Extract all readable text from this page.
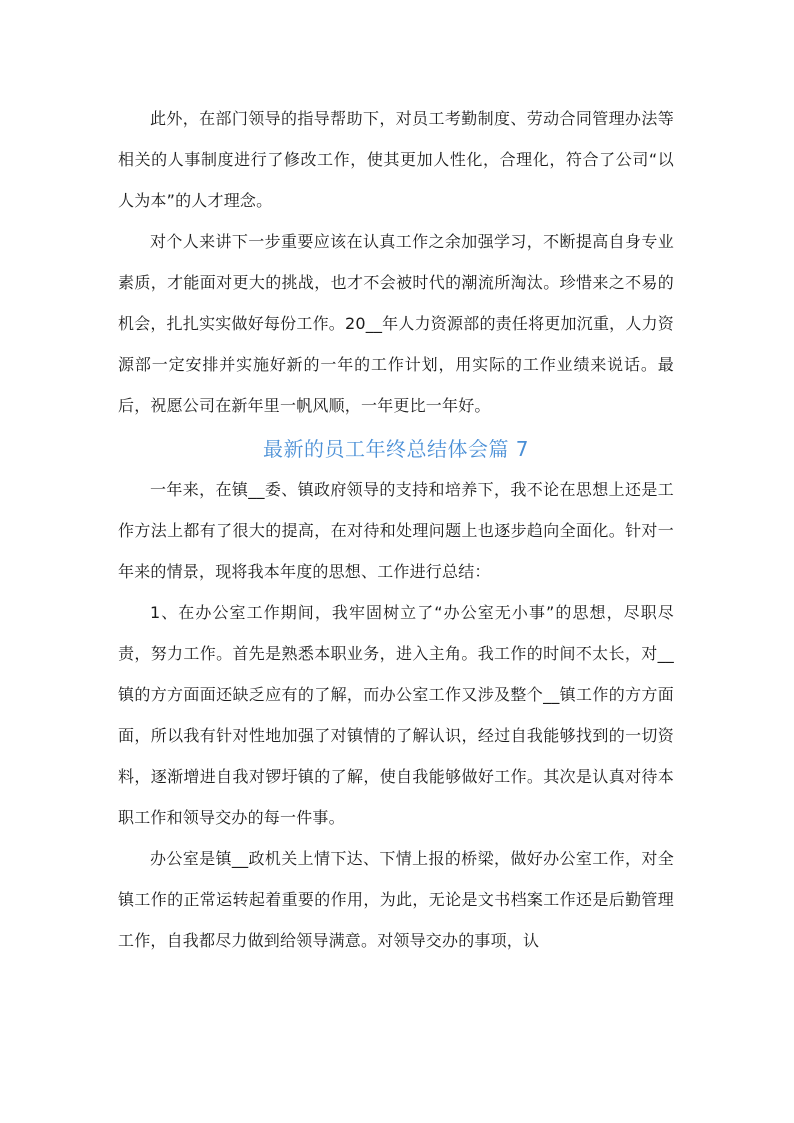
此外，在部门领导的指导帮助下，对员工考勤制度、劳动合同管理办法等相关的人事制度进行了修改工作，使其更加人性化，合理化，符合了公司“以人为本”的人才理念。

对个人来讲下一步重要应该在认真工作之余加强学习，不断提高自身专业素质，才能面对更大的挑战，也才不会被时代的潮流所淘汰。珍惜来之不易的机会，扎扎实实做好每份工作。20__年人力资源部的责任将更加沉重，人力资源部一定安排并实施好新的一年的工作计划，用实际的工作业绩来说话。最后，祝愿公司在新年里一帆风顺，一年更比一年好。

最新的员工年终总结体会篇 7

一年来，在镇__委、镇政府领导的支持和培养下，我不论在思想上还是工作方法上都有了很大的提高，在对待和处理问题上也逐步趋向全面化。针对一年来的情景，现将我本年度的思想、工作进行总结：

1、在办公室工作期间，我牢固树立了“办公室无小事”的思想，尽职尽责，努力工作。首先是熟悉本职业务，进入主角。我工作的时间不太长，对__镇的方方面面还缺乏应有的了解，而办公室工作又涉及整个__镇工作的方方面面，所以我有针对性地加强了对镇情的了解认识，经过自我能够找到的一切资料，逐渐增进自我对锣圩镇的了解，使自我能够做好工作。其次是认真对待本职工作和领导交办的每一件事。

办公室是镇__政机关上情下达、下情上报的桥梁，做好办公室工作，对全镇工作的正常运转起着重要的作用，为此，无论是文书档案工作还是后勤管理工作，自我都尽力做到给领导满意。对领导交办的事项，认
